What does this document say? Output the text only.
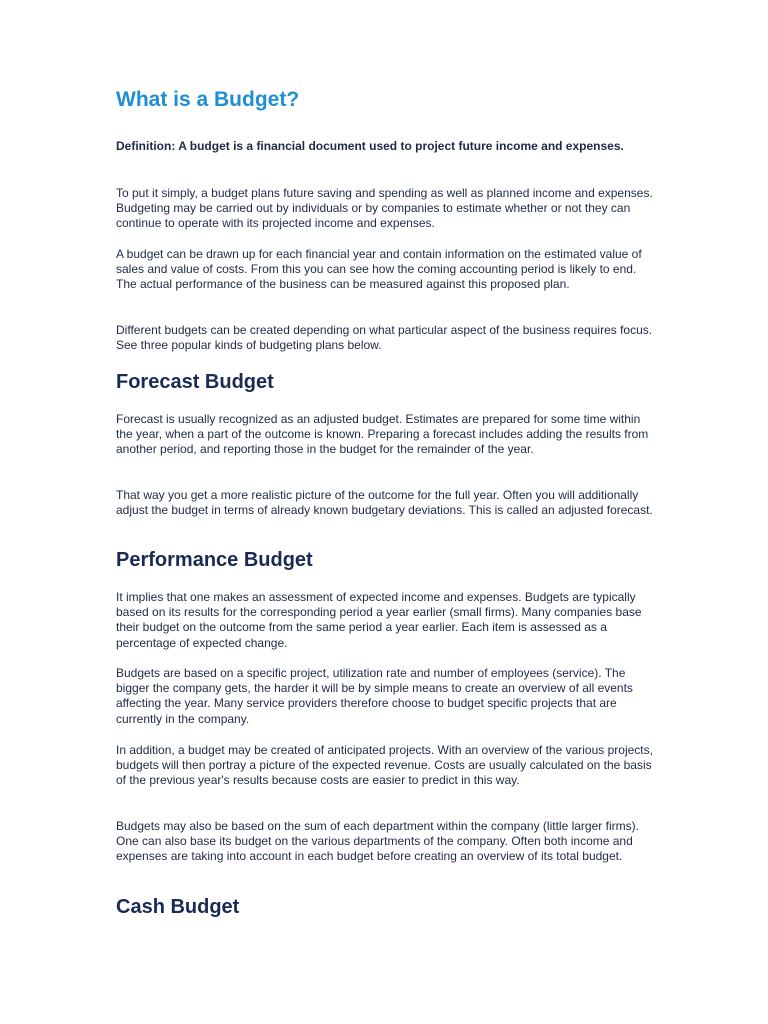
What is a Budget?

Definition: A budget is a financial document used to project future income and expenses.

To put it simply, a budget plans future saving and spending as well as planned income and expenses. Budgeting may be carried out by individuals or by companies to estimate whether or not they can continue to operate with its projected income and expenses.

A budget can be drawn up for each financial year and contain information on the estimated value of sales and value of costs. From this you can see how the coming accounting period is likely to end. The actual performance of the business can be measured against this proposed plan.

Different budgets can be created depending on what particular aspect of the business requires focus. See three popular kinds of budgeting plans below.

Forecast Budget

Forecast is usually recognized as an adjusted budget. Estimates are prepared for some time within the year, when a part of the outcome is known. Preparing a forecast includes adding the results from another period, and reporting those in the budget for the remainder of the year.

That way you get a more realistic picture of the outcome for the full year. Often you will additionally adjust the budget in terms of already known budgetary deviations. This is called an adjusted forecast.

Performance Budget

It implies that one makes an assessment of expected income and expenses. Budgets are typically based on its results for the corresponding period a year earlier (small firms). Many companies base their budget on the outcome from the same period a year earlier. Each item is assessed as a percentage of expected change.

Budgets are based on a specific project, utilization rate and number of employees (service). The bigger the company gets, the harder it will be by simple means to create an overview of all events affecting the year. Many service providers therefore choose to budget specific projects that are currently in the company.

In addition, a budget may be created of anticipated projects. With an overview of the various projects, budgets will then portray a picture of the expected revenue. Costs are usually calculated on the basis of the previous year's results because costs are easier to predict in this way.

Budgets may also be based on the sum of each department within the company (little larger firms). One can also base its budget on the various departments of the company. Often both income and expenses are taking into account in each budget before creating an overview of its total budget.

Cash Budget
